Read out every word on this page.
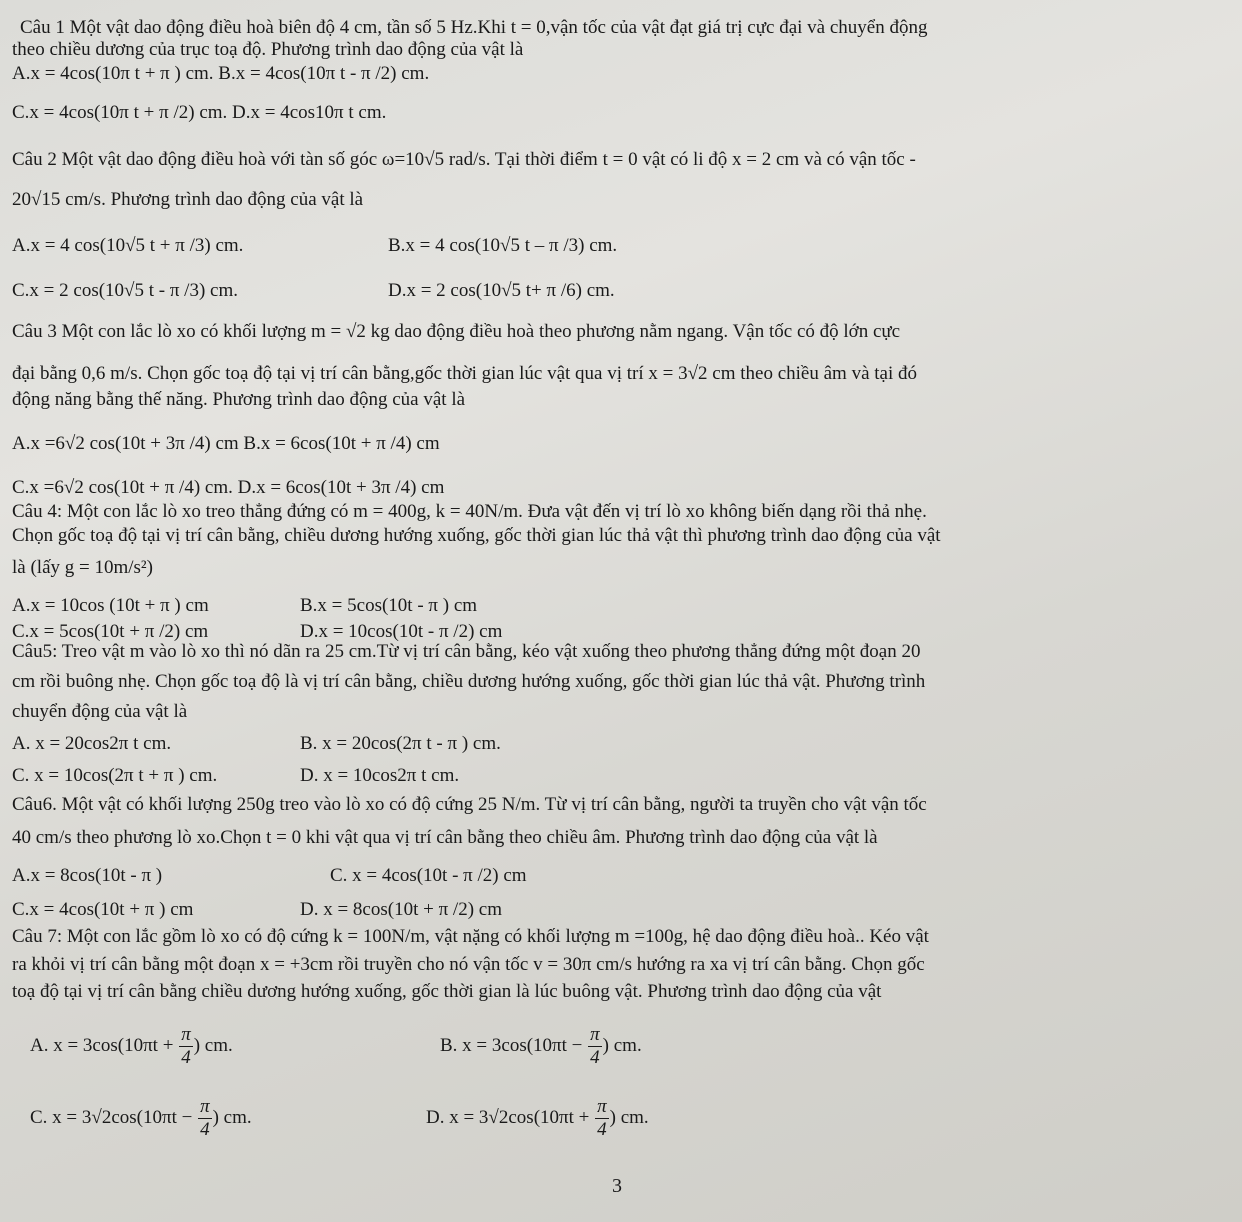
Câu 1 Một vật dao động điều hoà biên độ 4 cm, tần số 5 Hz.Khi t = 0,vận tốc của vật đạt giá trị cực đại và chuyển động
theo chiều dương của trục toạ độ. Phương trình dao động của vật là
A.x = 4cos(10π t + π ) cm. B.x = 4cos(10π t - π /2) cm.
C.x = 4cos(10π t + π /2) cm. D.x = 4cos10π t cm.
Câu 2 Một vật dao động điều hoà với tàn số góc ω=10√5 rad/s. Tại thời điểm t = 0 vật có li độ x = 2 cm và có vận tốc -
20√15 cm/s. Phương trình dao động của vật là
A.x = 4 cos(10√5 t + π /3) cm.	B.x = 4 cos(10√5 t – π /3) cm.
C.x = 2 cos(10√5 t - π /3) cm.	D.x = 2 cos(10√5 t+ π /6) cm.
Câu 3 Một con lắc lò xo có khối lượng m = √2 kg dao động điều hoà theo phương nằm ngang. Vận tốc có độ lớn cực
đại bằng 0,6 m/s. Chọn gốc toạ độ tại vị trí cân bằng,gốc thời gian lúc vật qua vị trí x = 3√2 cm theo chiều âm và tại đó
động năng bằng thế năng. Phương trình dao động của vật là
A.x =6√2 cos(10t + 3π /4) cm B.x = 6cos(10t + π /4) cm
C.x =6√2 cos(10t + π /4) cm. D.x = 6cos(10t + 3π /4) cm
Câu 4: Một con lắc lò xo treo thẳng đứng có m = 400g, k = 40N/m. Đưa vật đến vị trí lò xo không biến dạng rồi thả nhẹ.
Chọn gốc toạ độ tại vị trí cân bằng, chiều dương hướng xuống, gốc thời gian lúc thả vật thì phương trình dao động của vật
là (lấy g = 10m/s²)
A.x = 10cos (10t + π ) cm	B.x = 5cos(10t - π ) cm
C.x = 5cos(10t + π /2) cm	D.x = 10cos(10t - π /2) cm
Câu5: Treo vật m vào lò xo thì nó dãn ra 25 cm.Từ vị trí cân bằng, kéo vật xuống theo phương thẳng đứng một đoạn 20
cm rồi buông nhẹ. Chọn gốc toạ độ là vị trí cân bằng, chiều dương hướng xuống, gốc thời gian lúc thả vật. Phương trình
chuyển động của vật là
A. x = 20cos2π t cm.	B. x = 20cos(2π t - π ) cm.
C. x = 10cos(2π t + π ) cm.	D. x = 10cos2π t cm.
Câu6. Một vật có khối lượng 250g treo vào lò xo có độ cứng 25 N/m. Từ vị trí cân bằng, người ta truyền cho vật vận tốc
40 cm/s theo phương lò xo.Chọn t = 0 khi vật qua vị trí cân bằng theo chiều âm. Phương trình dao động của vật là
A.x = 8cos(10t - π )	C. x = 4cos(10t - π /2) cm
C.x = 4cos(10t + π ) cm	D. x = 8cos(10t + π /2) cm
Câu 7: Một con lắc gồm lò xo có độ cứng k = 100N/m, vật nặng có khối lượng m =100g, hệ dao động điều hoà.. Kéo vật
ra khỏi vị trí cân bằng một đoạn x = +3cm rồi truyền cho nó vận tốc v = 30π cm/s hướng ra xa vị trí cân bằng. Chọn gốc
toạ độ tại vị trí cân bằng chiều dương hướng xuống, gốc thời gian là lúc buông vật. Phương trình dao động của vật
A. $x = 3\cos(10\pi t + \frac{\pi}{4}$ ) cm.	B. $x = 3\cos(10\pi t - \frac{\pi}{4}$ ) cm.
C. $x = 3√2\cos(10\pi t - \frac{\pi}{4}$ ) cm.	D. $x = 3√2\cos(10\pi t + \frac{\pi}{4}$ ) cm.
3
